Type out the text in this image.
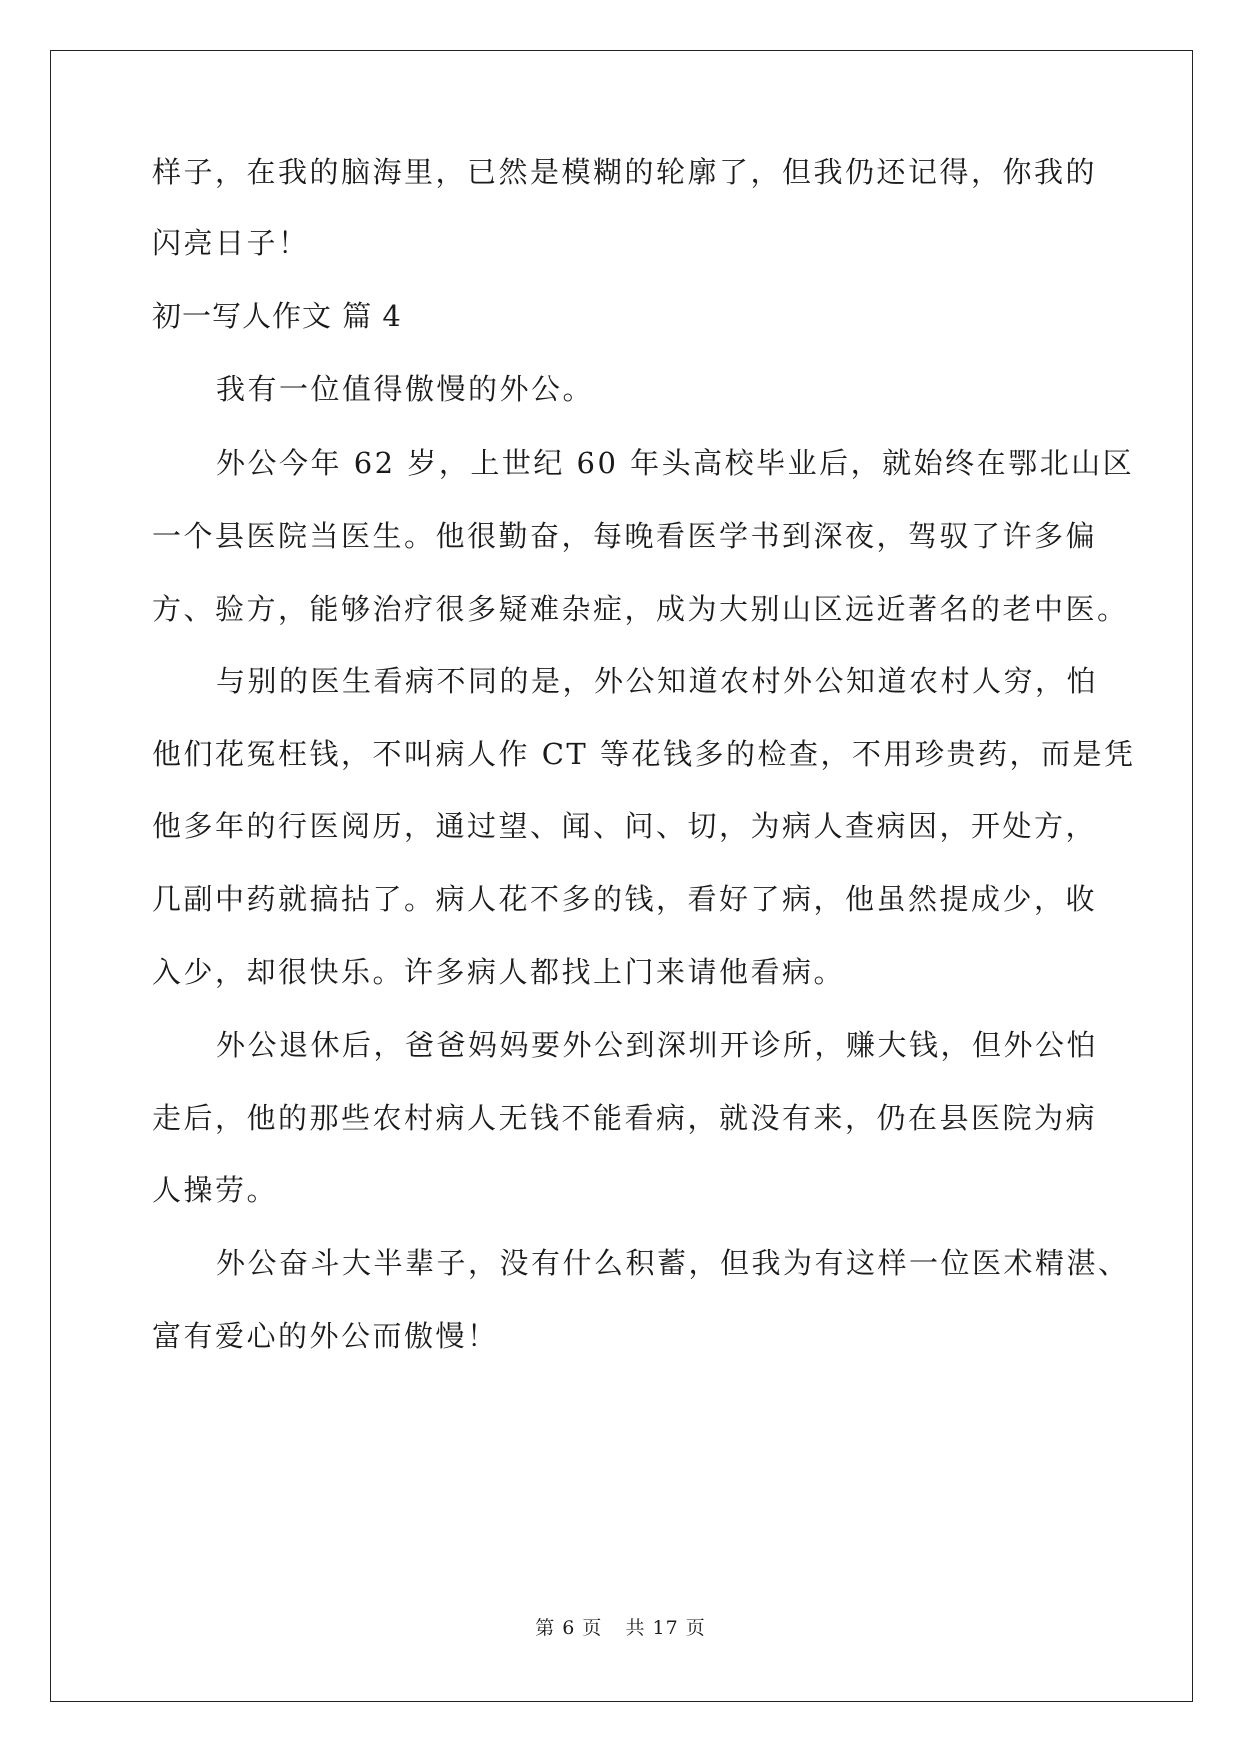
样子，在我的脑海里，已然是模糊的轮廓了，但我仍还记得，你我的
闪亮日子！
初一写人作文 篇 4
我有一位值得傲慢的外公。
外公今年 62 岁，上世纪 60 年头高校毕业后，就始终在鄂北山区
一个县医院当医生。他很勤奋，每晚看医学书到深夜，驾驭了许多偏
方、验方，能够治疗很多疑难杂症，成为大别山区远近著名的老中医。
与别的医生看病不同的是，外公知道农村外公知道农村人穷，怕
他们花冤枉钱，不叫病人作 CT 等花钱多的检查，不用珍贵药，而是凭
他多年的行医阅历，通过望、闻、问、切，为病人查病因，开处方，
几副中药就搞拈了。病人花不多的钱，看好了病，他虽然提成少，收
入少，却很快乐。许多病人都找上门来请他看病。
外公退休后，爸爸妈妈要外公到深圳开诊所，赚大钱，但外公怕
走后，他的那些农村病人无钱不能看病，就没有来，仍在县医院为病
人操劳。
外公奋斗大半辈子，没有什么积蓄，但我为有这样一位医术精湛、
富有爱心的外公而傲慢！
第 6 页 共 17 页
